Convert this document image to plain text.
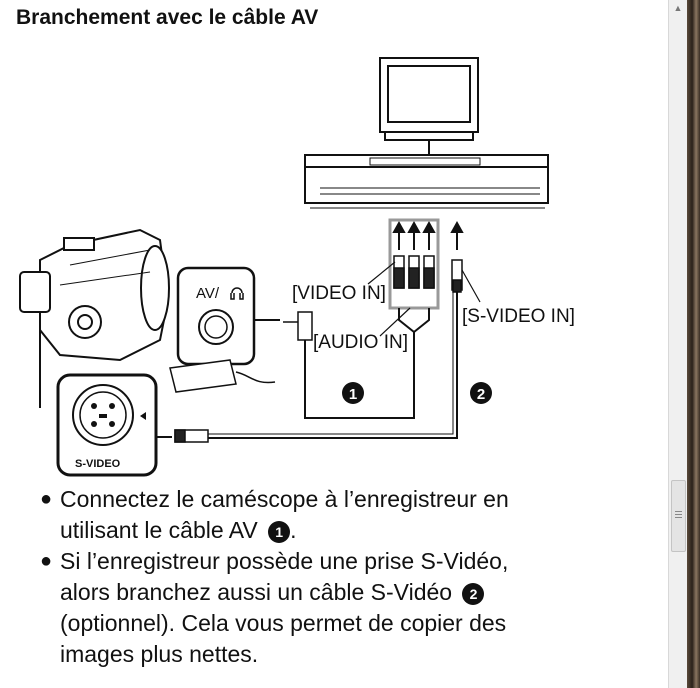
Branchement avec le câble AV
AV/
S-VIDEO
[VIDEO IN]
[AUDIO IN]
[S-VIDEO IN]
1	2
● Connectez le caméscope à l’enregistreur en
utilisant le câble AV 1 .
● Si l’enregistreur possède une prise S-Vidéo,
alors branchez aussi un câble S-Vidéo 2
(optionnel). Cela vous permet de copier des
images plus nettes.
▲
